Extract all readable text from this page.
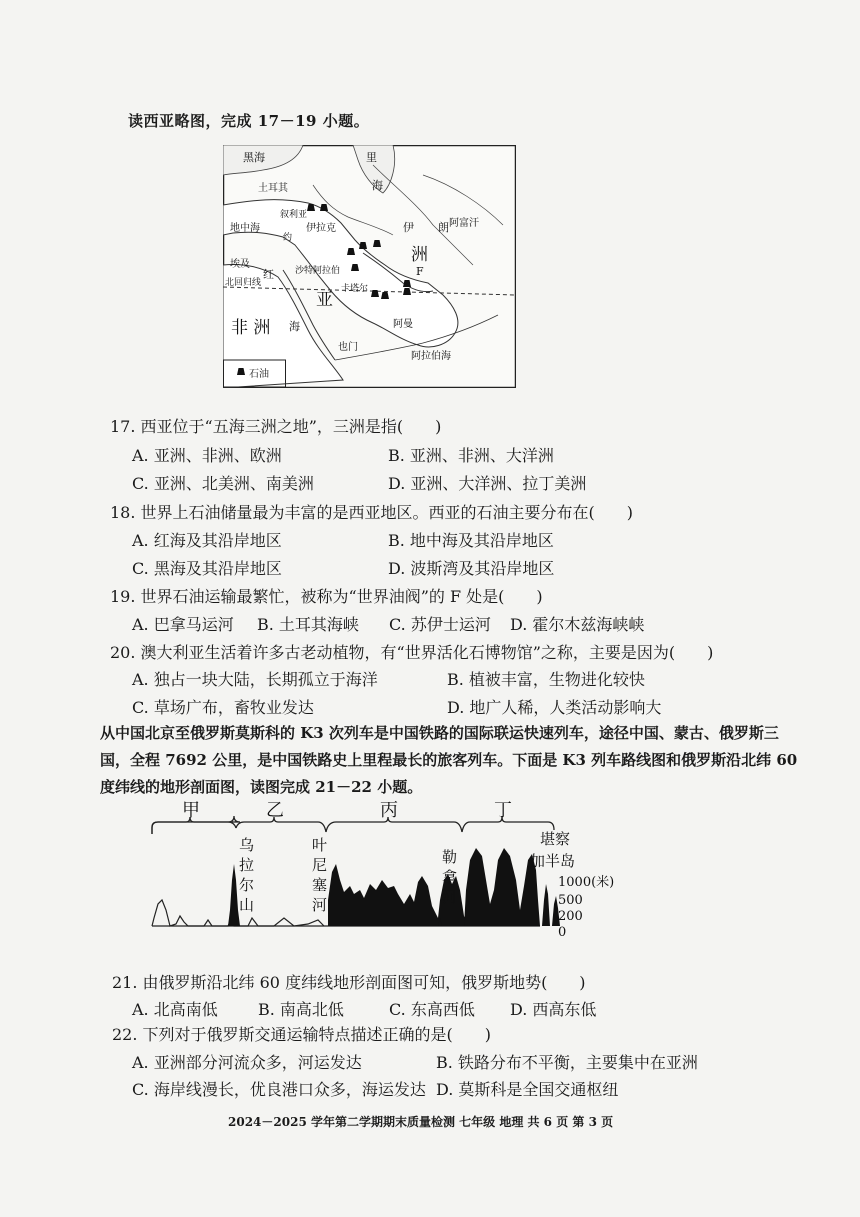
读西亚略图，完成 17－19 小题。
黑海	里
海
土耳其
地中海
叙利亚
伊拉克	伊 朗 阿富汗
洲
F
埃及
北回归线
红 沙特阿拉伯
卡塔尔
亚
非 洲 海	阿曼
也门
阿拉伯海
约
石油
17. 西亚位于“五海三洲之地”，三洲是指(　　)
A. 亚洲、非洲、欧洲	B. 亚洲、非洲、大洋洲
C. 亚洲、北美洲、南美洲	D. 亚洲、大洋洲、拉丁美洲
18. 世界上石油储量最为丰富的是西亚地区。西亚的石油主要分布在(　　)
A. 红海及其沿岸地区	B. 地中海及其沿岸地区
C. 黑海及其沿岸地区	D. 波斯湾及其沿岸地区
19. 世界石油运输最繁忙，被称为“世界油阀”的 F 处是(　　)
A. 巴拿马运河 B. 土耳其海峡 C. 苏伊士运河 D. 霍尔木兹海峡峡
20. 澳大利亚生活着许多古老动植物，有“世界活化石博物馆”之称，主要是因为(　　)
A. 独占一块大陆，长期孤立于海洋	B. 植被丰富，生物进化较快
C. 草场广布，畜牧业发达	D. 地广人稀，人类活动影响大
从中国北京至俄罗斯莫斯科的 K3 次列车是中国铁路的国际联运快速列车，途径中国、蒙古、俄罗斯三国，全程 7692 公里，是中国铁路史上里程最长的旅客列车。下面是 K3 列车路线图和俄罗斯沿北纬 60 度纬线的地形剖面图，读图完成 21－22 小题。
甲	乙	丙	丁
乌
拉
尔
山
叶
尼
塞
河
勒
拿
河
堪察
加半岛
1000(米)
500
200
0
21. 由俄罗斯沿北纬 60 度纬线地形剖面图可知，俄罗斯地势(　　)
A. 北高南低	B. 南高北低	C. 东高西低 D. 西高东低
22. 下列对于俄罗斯交通运输特点描述正确的是(　　)
A. 亚洲部分河流众多，河运发达	B. 铁路分布不平衡，主要集中在亚洲
C. 海岸线漫长，优良港口众多，海运发达 D. 莫斯科是全国交通枢纽
2024－2025 学年第二学期期末质量检测 七年级 地理 共 6 页 第 3 页
